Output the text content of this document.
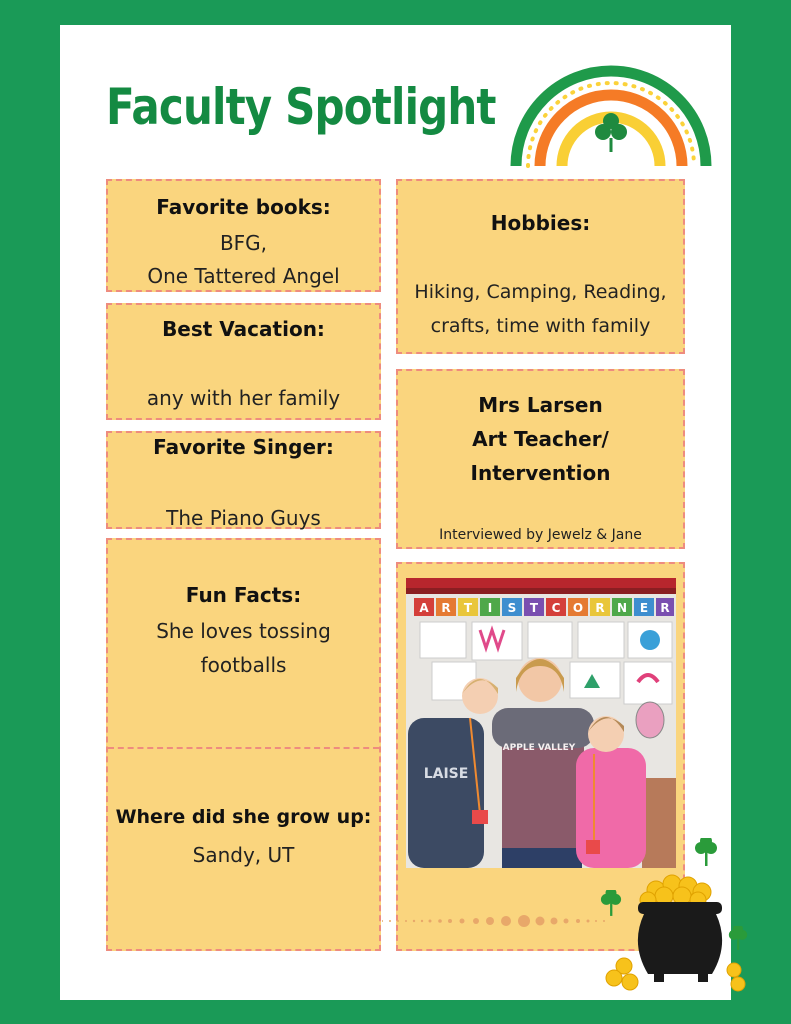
Faculty Spotlight
Favorite books:
BFG,
One Tattered Angel
Best Vacation:
any with her family
Favorite Singer:
The Piano Guys
Fun Facts:
She loves tossing
footballs
Where did she grow up:
Sandy, UT
Hobbies:
Hiking, Camping, Reading,
crafts, time with family
Mrs Larsen
Art Teacher/
Intervention
Interviewed by Jewelz & Jane
A R T I S T C O R N E R
APPLE VALLEY
LAISE
